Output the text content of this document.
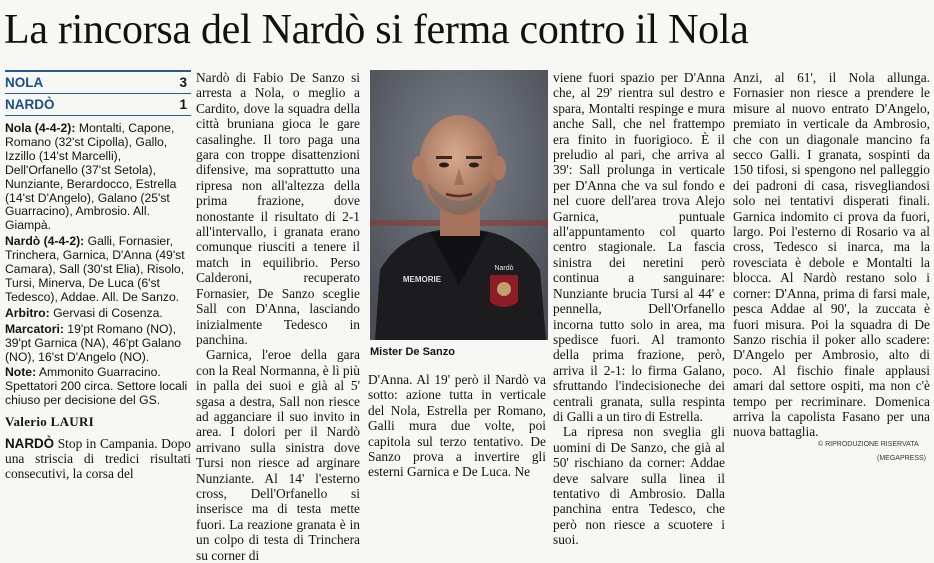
La rincorsa del Nardò si ferma contro il Nola
NOLA	3
NARDÒ	1

Nola (4-4-2): Montalti, Capone, Romano (32'st Cipolla), Gallo, Izzillo (14'st Marcelli), Dell'Orfanello (37'st Setola), Nunziante, Berardocco, Estrella (14'st D'Angelo), Galano (25'st Guarracino), Ambrosio. All. Giampà.

Nardò (4-4-2): Galli, Fornasier, Trinchera, Garnica, D'Anna (49'st Camara), Sall (30'st Elia), Risolo, Tursi, Minerva, De Luca (6'st Tedesco), Addae. All. De Sanzo.

Arbitro: Gervasi di Cosenza.

Marcatori: 19'pt Romano (NO), 39'pt Garnica (NA), 46'pt Galano (NO), 16'st D'Angelo (NO).

Note: Ammonito Guarracino. Spettatori 200 circa. Settore locali chiuso per decisione del GS.

Valerio LAURI

NARDÒ Stop in Campania. Dopo una striscia di tredici risultati consecutivi, la corsa del

Nardò di Fabio De Sanzo si arresta a Nola, o meglio a Cardito, dove la squadra della città bruniana gioca le gare casalinghe. Il toro paga una gara con troppe disattenzioni difensive, ma soprattutto una ripresa non all'altezza della prima frazione, dove nonostante il risultato di 2-1 all'intervallo, i granata erano comunque riusciti a tenere il match in equilibrio. Perso Calderoni, recuperato Fornasier, De Sanzo sceglie Sall con D'Anna, lasciando inizialmente Tedesco in panchina.

Garnica, l'eroe della gara con la Real Normanna, è lì più in palla dei suoi e già al 5' sgasa a destra, Sall non riesce ad agganciare il suo invito in area. I dolori per il Nardò arrivano sulla sinistra dove Tursi non riesce ad arginare Nunziante. Al 14' l'esterno cross, Dell'Orfanello si inserisce ma di testa mette fuori. La reazione granata è in un colpo di testa di Trinchera su corner di

Nardò
MEMORIE
Mister De Sanzo

D'Anna. Al 19' però il Nardò va sotto: azione tutta in verticale del Nola, Estrella per Romano, Galli mura due volte, poi capitola sul terzo tentativo. De Sanzo prova a invertire gli esterni Garnica e De Luca. Ne

viene fuori spazio per D'Anna che, al 29' rientra sul destro e spara, Montalti respinge e mura anche Sall, che nel frattempo era finito in fuorigioco. È il preludio al pari, che arriva al 39': Sall prolunga in verticale per D'Anna che va sul fondo e nel cuore dell'area trova Alejo Garnica, puntuale all'appuntamento col quarto centro stagionale. La fascia sinistra dei neretini però continua a sanguinare: Nunziante brucia Tursi al 44' e pennella, Dell'Orfanello incorna tutto solo in area, ma spedisce fuori. Al tramonto della prima frazione, però, arriva il 2-1: lo firma Galano, sfruttando l'indecisioneche dei centrali granata, sulla respinta di Galli a un tiro di Estrella.

La ripresa non sveglia gli uomini di De Sanzo, che già al 50' rischiano da corner: Addae deve salvare sulla linea il tentativo di Ambrosio. Dalla panchina entra Tedesco, che però non riesce a scuotere i suoi.

Anzi, al 61', il Nola allunga. Fornasier non riesce a prendere le misure al nuovo entrato D'Angelo, premiato in verticale da Ambrosio, che con un diagonale mancino fa secco Galli. I granata, sospinti da 150 tifosi, si spengono nel palleggio dei padroni di casa, risvegliandosi solo nei tentativi disperati finali. Garnica indomito ci prova da fuori, largo. Poi l'esterno di Rosario va al cross, Tedesco si inarca, ma la rovesciata è debole e Montalti la blocca. Al Nardò restano solo i corner: D'Anna, prima di farsi male, pesca Addae al 90', la zuccata è fuori misura. Poi la squadra di De Sanzo rischia il poker allo scadere: D'Angelo per Ambrosio, alto di poco. Al fischio finale applausi amari dal settore ospiti, ma non c'è tempo per recriminare. Domenica arriva la capolista Fasano per una nuova battaglia.

© RIPRODUZIONE RISERVATA
(MEGAPRESS)
